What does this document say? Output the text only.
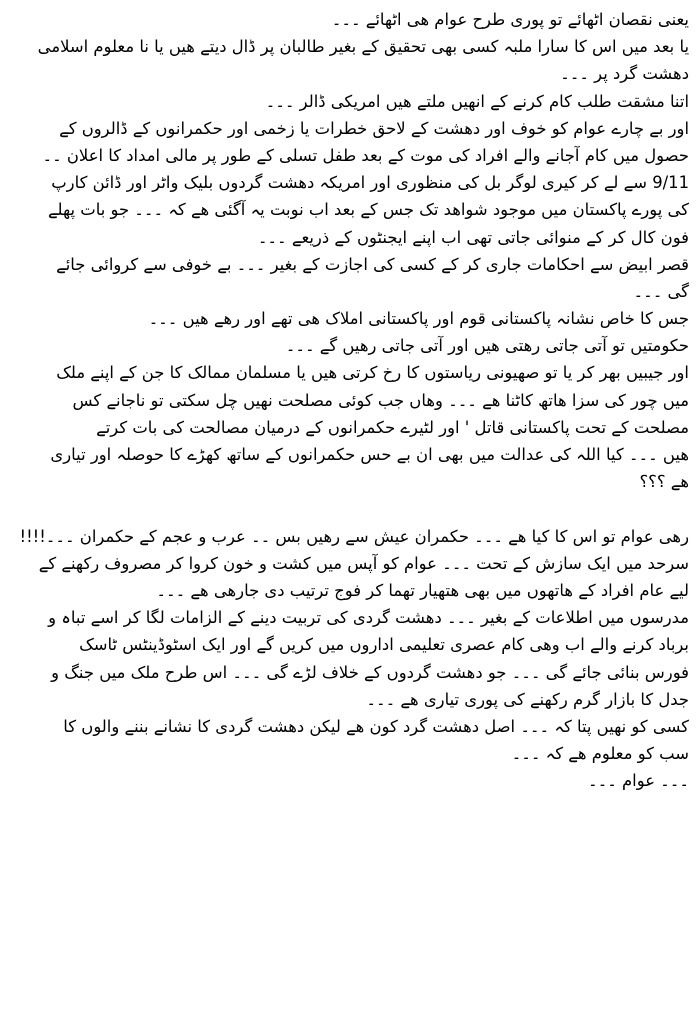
یعنی نقصان اٹھائے تو پوری طرح عوام ھی اٹھائے ۔۔۔
یا بعد میں اس کا سارا ملبہ کسی بھی تحقیق کے بغیر طالبان پر ڈال دیتے ھیں یا نا معلوم اسلامی
دھشت گرد پر ۔۔۔
اتنا مشقت طلب کام کرنے کے انھیں ملتے ھیں امریکی ڈالر ۔۔۔
اور بے چارے عوام کو خوف اور دھشت کے لاحق خطرات یا زخمی اور حکمرانوں کے ڈالروں کے
حصول میں کام آجانے والے افراد کی موت کے بعد طفل تسلی کے طور پر مالی امداد کا اعلان ۔۔
9/11 سے لے کر کیری لوگر بل کی منظوری اور امریکہ دھشت گردوں بلیک واٹر اور ڈائن کارپ
کی پورے پاکستان میں موجود شواھد تک جس کے بعد اب نوبت یہ آگئی ھے کہ ۔۔۔ جو بات پھلے
فون کال کر کے منوائی جاتی تھی اب اپنے ایجنٹوں کے ذریعے ۔۔۔
قصر ابیض سے احکامات جاری کر کے کسی کی اجازت کے بغیر ۔۔۔ بے خوفی سے کروائی جائے
گی ۔۔۔
جس کا خاص نشانہ پاکستانی قوم اور پاکستانی املاک ھی تھے اور رھے ھیں ۔۔۔
حکومتیں تو آتی جاتی رھتی ھیں اور آتی جاتی رھیں گے ۔۔۔
اور جیبیں بھر کر یا تو صھیونی ریاستوں کا رخ کرتی ھیں یا مسلمان ممالک کا جن کے اپنے ملک
میں چور کی سزا ھاتھ کاٹنا ھے ۔۔۔ وھاں جب کوئی مصلحت نھیں چل سکتی تو ناجانے کس
مصلحت کے تحت پاکستانی قاتل ' اور لٹیرے حکمرانوں کے درمیان مصالحت کی بات کرتے
ھیں ۔۔۔ کیا اللہ کی عدالت میں بھی ان بے حس حکمرانوں کے ساتھ کھڑے کا حوصلہ اور تیاری
ھے ؟؟؟
رھی عوام تو اس کا کیا ھے ۔۔۔ حکمران عیش سے رھیں بس ۔۔ عرب و عجم کے حکمران ۔۔۔!!!!
سرحد میں ایک سازش کے تحت ۔۔۔ عوام کو آپس میں کشت و خون کروا کر مصروف رکھنے کے
لیے عام افراد کے ھاتھوں میں بھی ھتھیار تھما کر فوج ترتیب دی جارھی ھے ۔۔۔
مدرسوں میں اطلاعات کے بغیر ۔۔۔ دھشت گردی کی تربیت دینے کے الزامات لگا کر اسے تباہ و
برباد کرنے والے اب وھی کام عصری تعلیمی اداروں میں کریں گے اور ایک اسٹوڈینٹس ٹاسک
فورس بنائی جائے گی ۔۔۔ جو دھشت گردوں کے خلاف لڑے گی ۔۔۔ اس طرح ملک میں جنگ و
جدل کا بازار گرم رکھنے کی پوری تیاری ھے ۔۔۔
کسی کو نھیں پتا کہ ۔۔۔ اصل دھشت گرد کون ھے لیکن دھشت گردی کا نشانے بننے والوں کا
سب کو معلوم ھے کہ ۔۔۔
۔۔۔ عوام ۔۔۔
